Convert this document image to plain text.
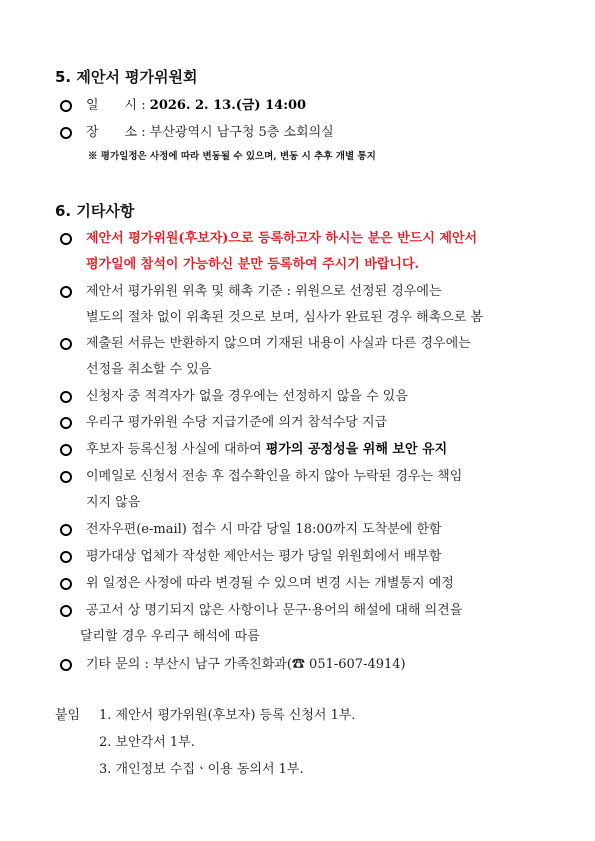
5. 제안서 평가위원회
일　　시 : 2026. 2. 13.(금) 14:00
장　　소 : 부산광역시 남구청 5층 소회의실
※ 평가일정은 사정에 따라 변동될 수 있으며, 변동 시 추후 개별 통지
6. 기타사항
제안서 평가위원(후보자)으로 등록하고자 하시는 분은 반드시 제안서
평가일에 참석이 가능하신 분만 등록하여 주시기 바랍니다.
제안서 평가위원 위촉 및 해촉 기준 : 위원으로 선정된 경우에는
별도의 절차 없이 위촉된 것으로 보며, 심사가 완료된 경우 해촉으로 봄
제출된 서류는 반환하지 않으며 기재된 내용이 사실과 다른 경우에는
선정을 취소할 수 있음
신청자 중 적격자가 없을 경우에는 선정하지 않을 수 있음
우리구 평가위원 수당 지급기준에 의거 참석수당 지급
후보자 등록신청 사실에 대하여 평가의 공정성을 위해 보안 유지
이메일로 신청서 전송 후 접수확인을 하지 않아 누락된 경우는 책임
지지 않음
전자우편(e-mail) 접수 시 마감 당일 18:00까지 도착분에 한함
평가대상 업체가 작성한 제안서는 평가 당일 위원회에서 배부함
위 일정은 사정에 따라 변경될 수 있으며 변경 시는 개별통지 예정
공고서 상 명기되지 않은 사항이나 문구·용어의 해설에 대해 의견을
달리할 경우 우리구 해석에 따름
기타 문의 : 부산시 남구 가족친화과(☎ 051-607-4914)
붙임 1. 제안서 평가위원(후보자) 등록 신청서 1부.
2. 보안각서 1부.
3. 개인정보 수집ㆍ이용 동의서 1부.
